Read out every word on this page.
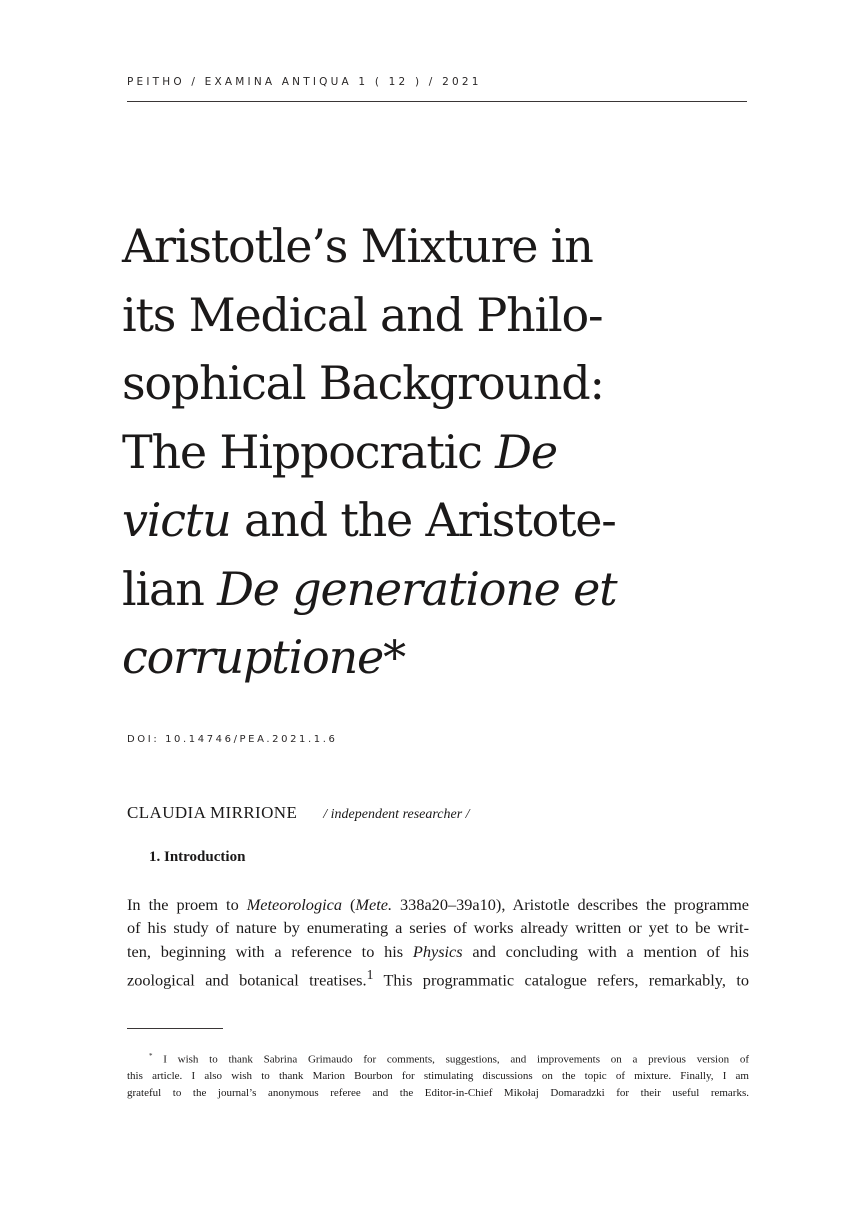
PEITHO / EXAMINA ANTIQUA 1 ( 12 ) / 2021
Aristotle’s Mixture in
its Medical and Philo-
sophical Background:
The Hippocratic De
victu and the Aristote-
lian De generatione et
corruptione*
DOI: 10.14746/PEA.2021.1.6
CLAUDIA MIRRIONE / independent researcher /
1. Introduction
In the proem to Meteorologica (Mete. 338a20–39a10), Aristotle describes the programme
of his study of nature by enumerating a series of works already written or yet to be writ-
ten, beginning with a reference to his Physics and concluding with a mention of his
zoological and botanical treatises.$^1$ This programmatic catalogue refers, remarkably, to
* I wish to thank Sabrina Grimaudo for comments, suggestions, and improvements on a previous version of
this article. I also wish to thank Marion Bourbon for stimulating discussions on the topic of mixture. Finally, I am
grateful to the journal’s anonymous referee and the Editor-in-Chief Mikołaj Domaradzki for their useful remarks.
